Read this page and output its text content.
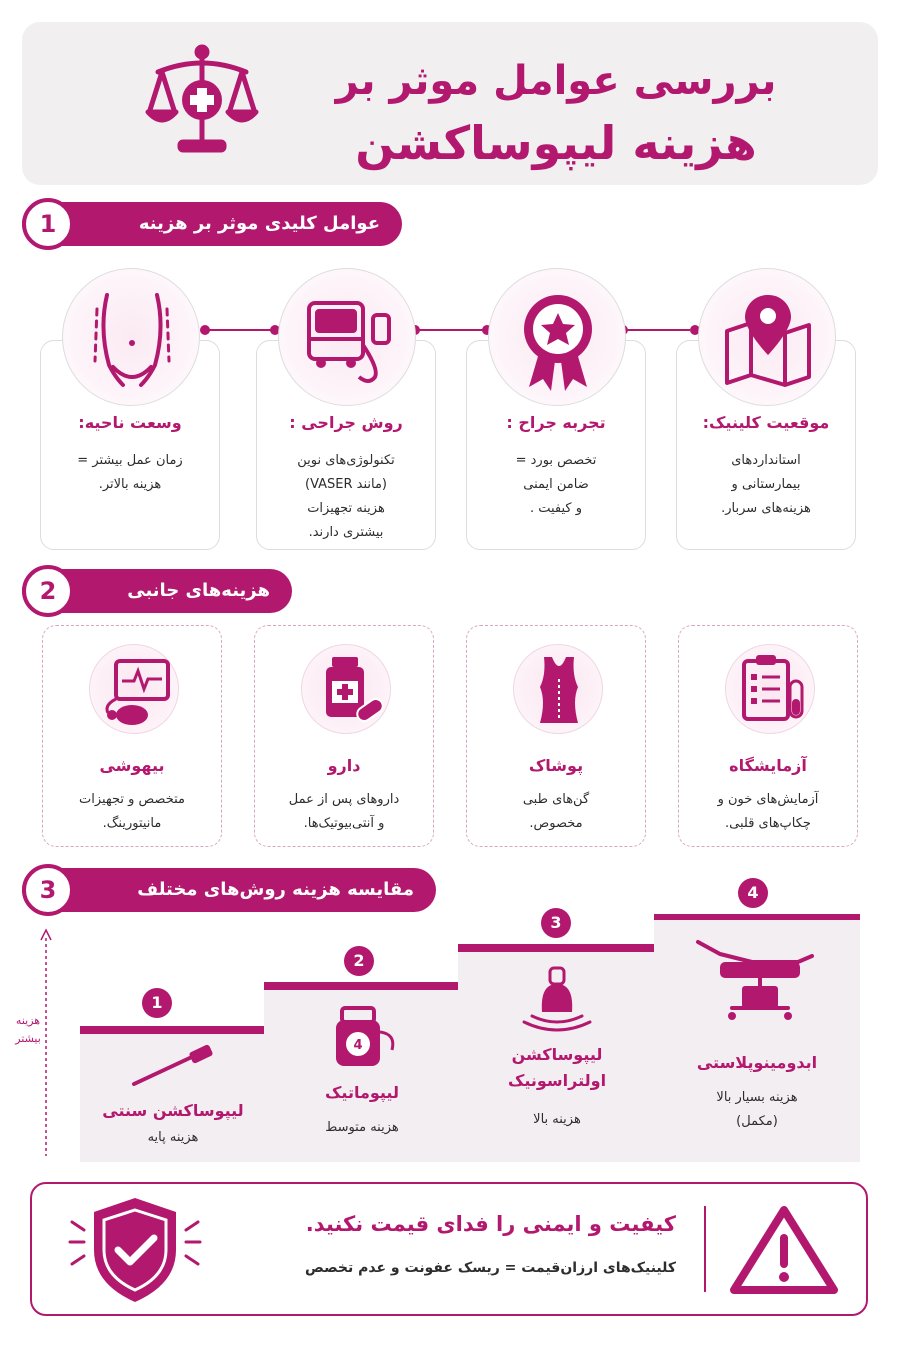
بررسی عوامل موثر بر
هزینه لیپوساکشن
1	عوامل کلیدی موثر بر هزینه
وسعت ناحیه:
زمان عمل بیشتر =
هزینه بالاتر.
روش جراحی :
تکنولوژی‌های نوین
(مانند VASER)
هزینه تجهیزات
بیشتری دارند.
تجربه جراح :
تخصص بورد =
ضامن ایمنی
و کیفیت .
موقعیت کلینیک:
استانداردهای
بیمارستانی و
هزینه‌های سربار.
2	هزینه‌های جانبی
بیهوشی
متخصص و تجهیزات
مانیتورینگ.
دارو
داروهای پس از عمل
و آنتی‌بیوتیک‌ها.
پوشاک
گن‌های طبی
مخصوص.
آزمایشگاه
آزمایش‌های خون و
چکاپ‌های قلبی.
3	مقایسه هزینه روش‌های مختلف
هزینه
بیشتر
لیپوساکشن سنتی
هزینه پایه
1
4
لیپوماتیک
هزینه متوسط
2
لیپوساکشن اولتراسونیک
هزینه بالا
3
ابدومینوپلاستی
هزینه بسیار بالا (مکمل)
4
کیفیت و ایمنی را فدای قیمت نکنید.
کلینیک‌های ارزان‌قیمت = ریسک عفونت و عدم تخصص
